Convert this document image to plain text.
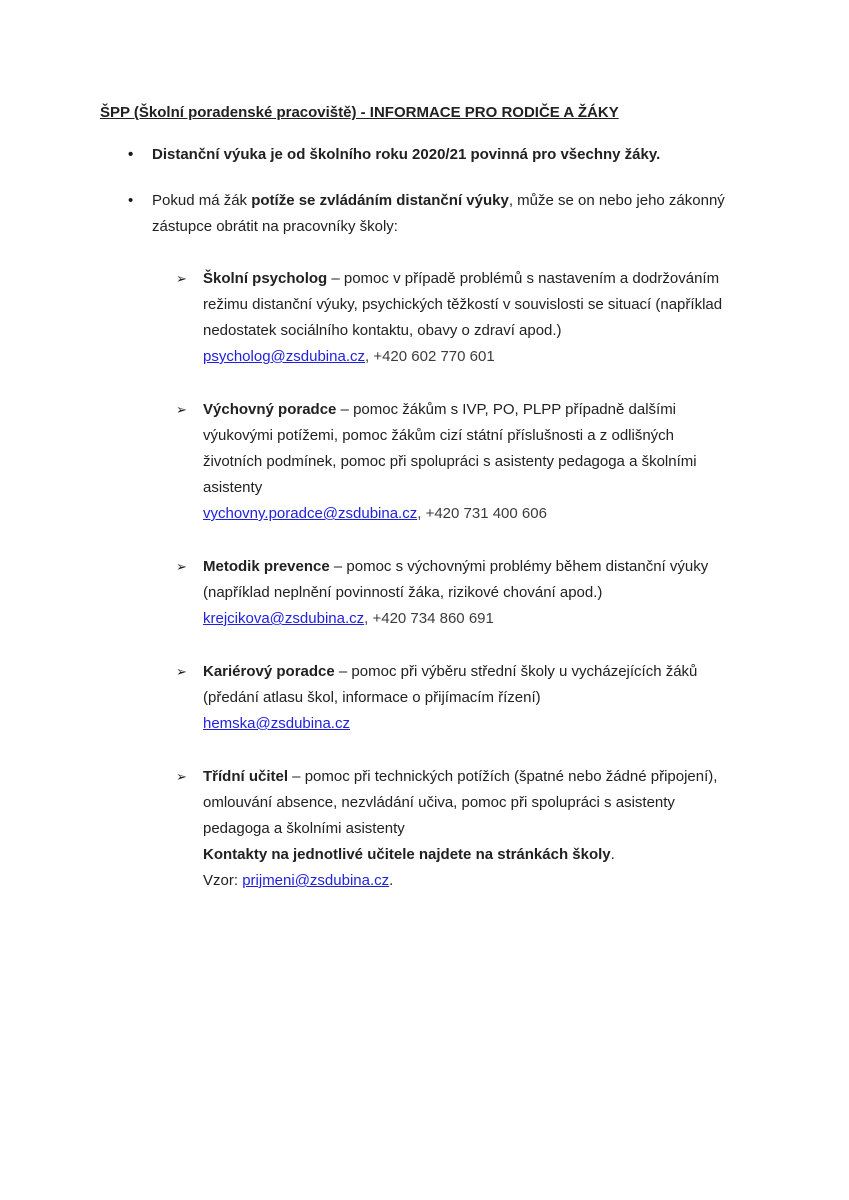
ŠPP (Školní poradenské pracoviště) - INFORMACE PRO RODIČE A ŽÁKY

•	Distanční výuka je od školního roku 2020/21 povinná pro všechny žáky.

•	Pokud má žák potíže se zvládáním distanční výuky, může se on nebo jeho zákonný zástupce obrátit na pracovníky školy:

➢	Školní psycholog – pomoc v případě problémů s nastavením a dodržováním režimu distanční výuky, psychických těžkostí v souvislosti se situací (například nedostatek sociálního kontaktu, obavy o zdraví apod.)

psycholog@zsdubina.cz, +420 602 770 601

➢	Výchovný poradce – pomoc žákům s IVP, PO, PLPP případně dalšími výukovými potížemi, pomoc žákům cizí státní příslušnosti a z odlišných životních podmínek, pomoc při spolupráci s asistenty pedagoga a školními asistenty

vychovny.poradce@zsdubina.cz, +420 731 400 606

➢	Metodik prevence – pomoc s výchovnými problémy během distanční výuky (například neplnění povinností žáka, rizikové chování apod.)

krejcikova@zsdubina.cz, +420 734 860 691

➢	Kariérový poradce – pomoc při výběru střední školy u vycházejících žáků (předání atlasu škol, informace o přijímacím řízení)

hemska@zsdubina.cz

➢	Třídní učitel – pomoc při technických potížích (špatné nebo žádné připojení), omlouvání absence, nezvládání učiva, pomoc při spolupráci s asistenty pedagoga a školními asistenty

Kontakty na jednotlivé učitele najdete na stránkách školy.

Vzor: prijmeni@zsdubina.cz.
